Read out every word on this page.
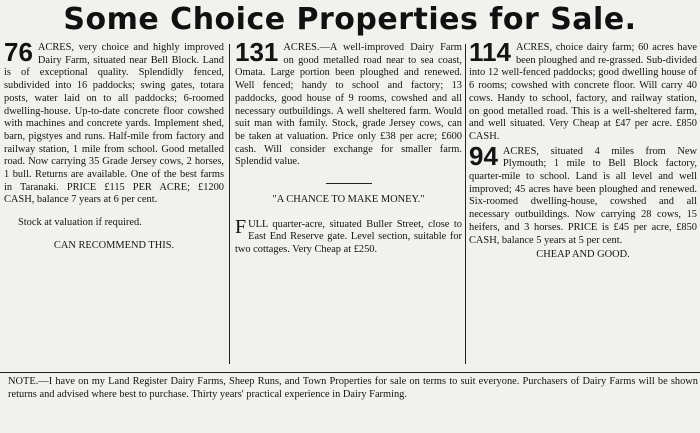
Some Choice Properties for Sale.
76 ACRES, very choice and highly improved Dairy Farm, situated near Bell Block. Land is of exceptional quality. Splendidly fenced, subdivided into 16 paddocks; swing gates, totara posts, water laid on to all paddocks; 6-roomed dwelling-house. Up-to-date concrete floor cowshed with machines and concrete yards. Implement shed, barn, pigstyes and runs. Half-mile from factory and railway station, 1 mile from school. Good metalled road. Now carrying 35 Grade Jersey cows, 2 horses, 1 bull. Returns are available. One of the best farms in Taranaki. PRICE £115 PER ACRE; £1200 CASH, balance 7 years at 6 per cent.
Stock at valuation if required.
CAN RECOMMEND THIS.
131 ACRES.—A well-improved Dairy Farm on good metalled road near to sea coast, Omata. Large portion been ploughed and renewed. Well fenced; handy to school and factory; 13 paddocks, good house of 9 rooms, cowshed and all necessary outbuildings. A well sheltered farm. Would suit man with family. Stock, grade Jersey cows, can be taken at valuation. Price only £38 per acre; £600 cash. Will consider exchange for smaller farm. Splendid value.
"A CHANCE TO MAKE MONEY."
FULL quarter-acre, situated Buller Street, close to East End Reserve gate. Level section, suitable for two cottages. Very Cheap at £250.
114 ACRES, choice dairy farm; 60 acres have been ploughed and re-grassed. Sub-divided into 12 well-fenced paddocks; good dwelling house of 6 rooms; cowshed with concrete floor. Will carry 40 cows. Handy to school, factory, and railway station, on good metalled road. This is a well-sheltered farm, and well situated. Very Cheap at £47 per acre. £850 CASH.
94 ACRES, situated 4 miles from New Plymouth; 1 mile to Bell Block factory, quarter-mile to school. Land is all level and well improved; 45 acres have been ploughed and renewed. Six-roomed dwelling-house, cowshed and all necessary outbuildings. Now carrying 28 cows, 15 heifers, and 3 horses. PRICE is £45 per acre, £850 CASH, balance 5 years at 5 per cent.
CHEAP AND GOOD.
NOTE.—I have on my Land Register Dairy Farms, Sheep Runs, and Town Properties for sale on terms to suit everyone. Purchasers of Dairy Farms will be shown returns and advised where best to purchase. Thirty years' practical experience in Dairy Farming.
